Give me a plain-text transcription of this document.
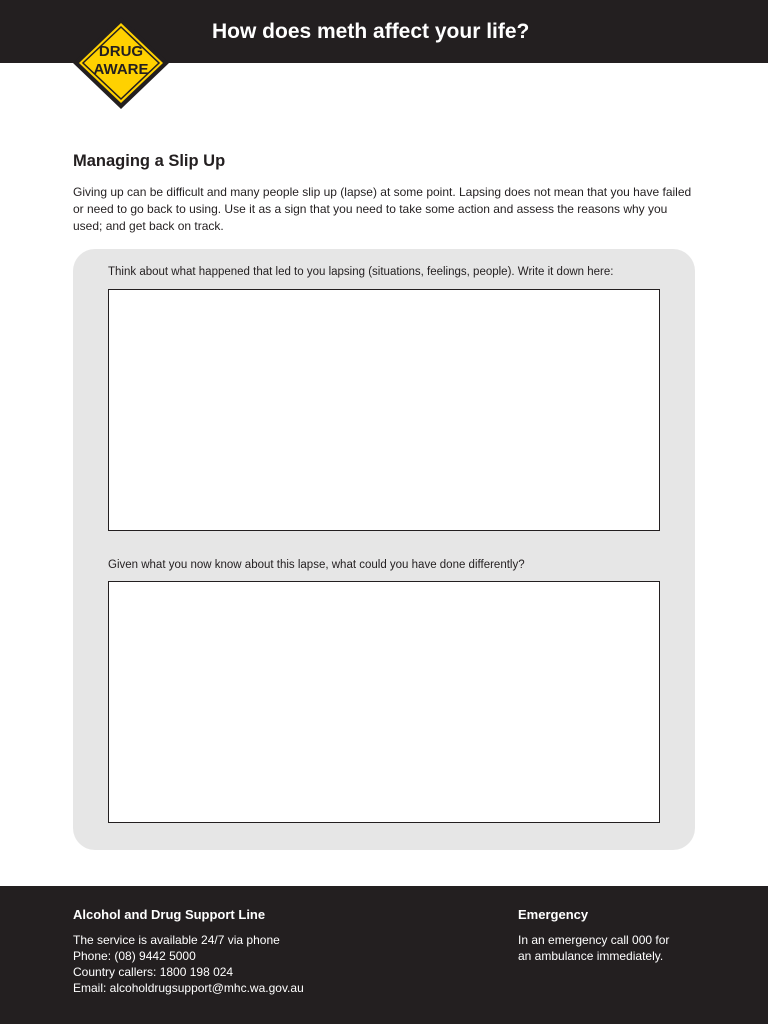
How does meth affect your life?
DRUG
AWARE
Managing a Slip Up

Giving up can be difficult and many people slip up (lapse) at some point. Lapsing does not mean that you have failed or need to go back to using. Use it as a sign that you need to take some action and assess the reasons why you used; and get back on track.

Think about what happened that led to you lapsing (situations, feelings, people). Write it down here:

Given what you now know about this lapse, what could you have done differently?

Alcohol and Drug Support Line

The service is available 24/7 via phone

Phone: (08) 9442 5000

Country callers: 1800 198 024

Email: alcoholdrugsupport@mhc.wa.gov.au

Emergency

In an emergency call 000 for

an ambulance immediately.
